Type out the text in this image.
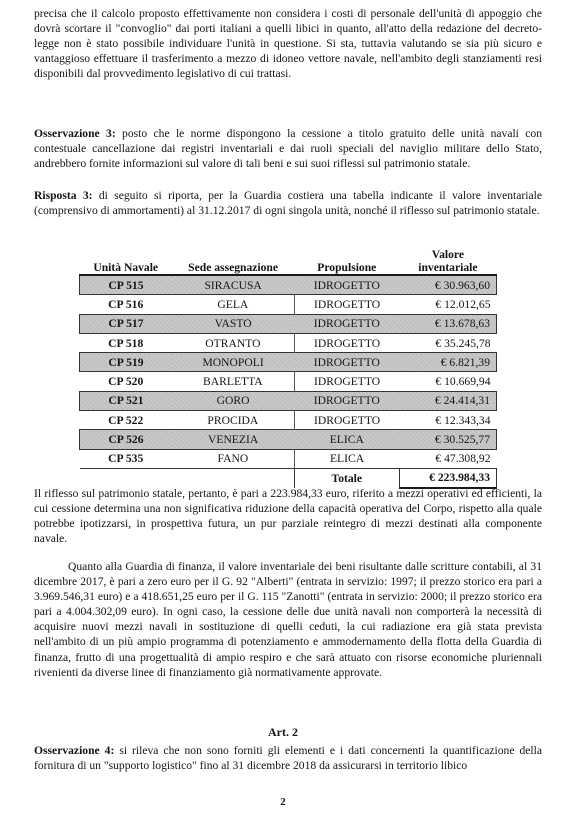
precisa che il calcolo proposto effettivamente non considera i costi di personale dell'unità di appoggio che dovrà scortare il "convoglio" dai porti italiani a quelli libici in quanto, all'atto della redazione del decreto-legge non è stato possibile individuare l'unità in questione. Si sta, tuttavia valutando se sia più sicuro e vantaggioso effettuare il trasferimento a mezzo di idoneo vettore navale, nell'ambito degli stanziamenti resi disponibili dal provvedimento legislativo di cui trattasi.

Osservazione 3: posto che le norme dispongono la cessione a titolo gratuito delle unità navali con contestuale cancellazione dai registri inventariali e dai ruoli speciali del naviglio militare dello Stato, andrebbero fornite informazioni sul valore di tali beni e sui suoi riflessi sul patrimonio statale.

Risposta 3: di seguito si riporta, per la Guardia costiera una tabella indicante il valore inventariale (comprensivo di ammortamenti) al 31.12.2017 di ogni singola unità, nonché il riflesso sul patrimonio statale.

Unità Navale	Sede assegnazione	Propulsione	Valore inventariale
CP 515	SIRACUSA	IDROGETTO	€ 30.963,60
CP 516	GELA	IDROGETTO	€ 12.012,65
CP 517	VASTO	IDROGETTO	€ 13.678,63
CP 518	OTRANTO	IDROGETTO	€ 35.245,78
CP 519	MONOPOLI	IDROGETTO	€ 6.821,39
CP 520	BARLETTA	IDROGETTO	€ 10.669,94
CP 521	GORO	IDROGETTO	€ 24.414,31
CP 522	PROCIDA	IDROGETTO	€ 12.343,34
CP 526	VENEZIA	ELICA	€ 30.525,77
CP 535	FANO	ELICA	€ 47.308,92
		Totale	€ 223.984,33

Il riflesso sul patrimonio statale, pertanto, è pari a 223.984,33 euro, riferito a mezzi operativi ed efficienti, la cui cessione determina una non significativa riduzione della capacità operativa del Corpo, rispetto alla quale potrebbe ipotizzarsi, in prospettiva futura, un pur parziale reintegro di mezzi destinati alla componente navale.

Quanto alla Guardia di finanza, il valore inventariale dei beni risultante dalle scritture contabili, al 31 dicembre 2017, è pari a zero euro per il G. 92 "Alberti" (entrata in servizio: 1997; il prezzo storico era pari a 3.969.546,31 euro) e a 418.651,25 euro per il G. 115 "Zanotti" (entrata in servizio: 2000; il prezzo storico era pari a 4.004.302,09 euro). In ogni caso, la cessione delle due unità navali non comporterà la necessità di acquisire nuovi mezzi navali in sostituzione di quelli ceduti, la cui radiazione era già stata prevista nell'ambito di un più ampio programma di potenziamento e ammodernamento della flotta della Guardia di finanza, frutto di una progettualità di ampio respiro e che sarà attuato con risorse economiche pluriennali rivenienti da diverse linee di finanziamento già normativamente approvate.

Art. 2

Osservazione 4: si rileva che non sono forniti gli elementi e i dati concernenti la quantificazione della fornitura di un "supporto logistico" fino al 31 dicembre 2018 da assicurarsi in territorio libico

2
